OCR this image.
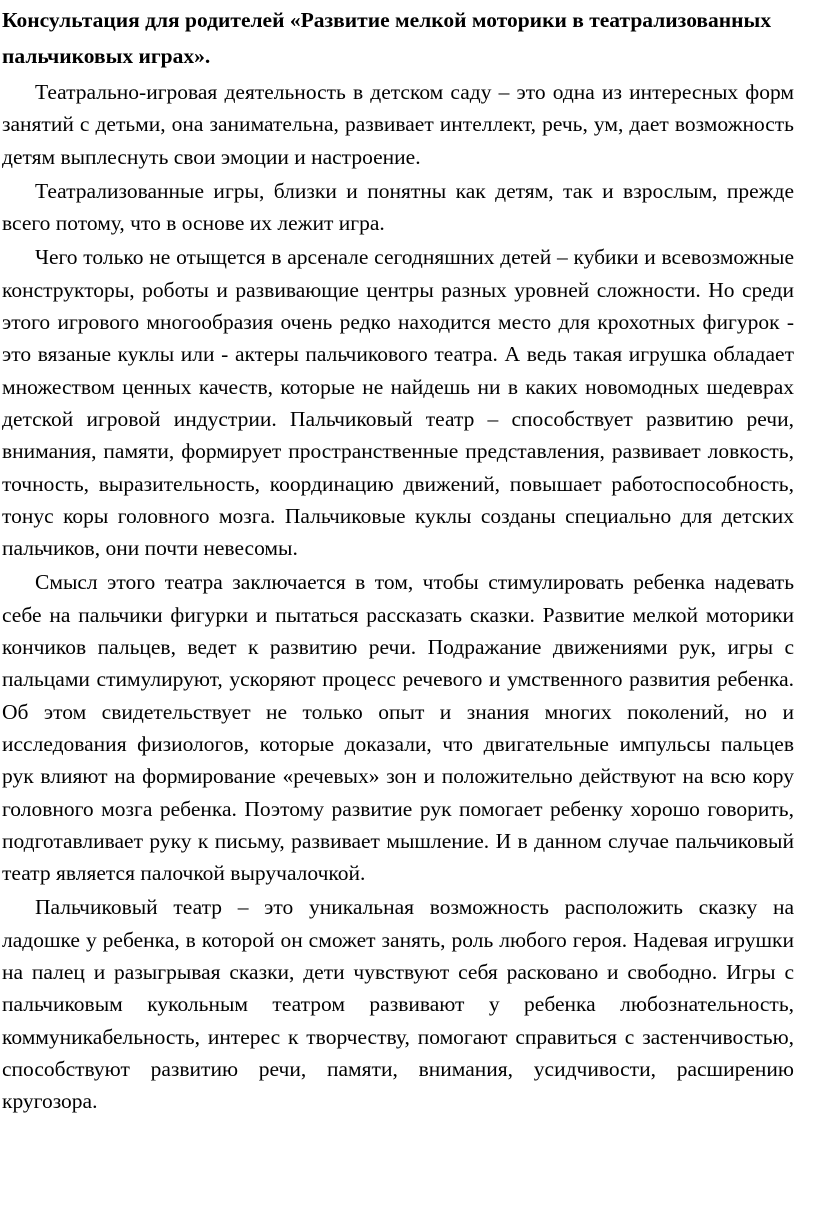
Консультация для родителей «Развитие мелкой моторики в театрализованных пальчиковых играх».

Театрально-игровая деятельность в детском саду – это одна из интересных форм занятий с детьми, она занимательна, развивает интеллект, речь, ум, дает возможность детям выплеснуть свои эмоции и настроение.

Театрализованные игры, близки и понятны как детям, так и взрослым, прежде всего потому, что в основе их лежит игра.

Чего только не отыщется в арсенале сегодняшних детей – кубики и всевозможные конструкторы, роботы и развивающие центры разных уровней сложности. Но среди этого игрового многообразия очень редко находится место для крохотных фигурок - это вязаные куклы или - актеры пальчикового театра. А ведь такая игрушка обладает множеством ценных качеств, которые не найдешь ни в каких новомодных шедеврах детской игровой индустрии. Пальчиковый театр – способствует развитию речи, внимания, памяти, формирует пространственные представления, развивает ловкость, точность, выразительность, координацию движений, повышает работоспособность, тонус коры головного мозга. Пальчиковые куклы созданы специально для детских пальчиков, они почти невесомы.

Смысл этого театра заключается в том, чтобы стимулировать ребенка надевать себе на пальчики фигурки и пытаться рассказать сказки. Развитие мелкой моторики кончиков пальцев, ведет к развитию речи. Подражание движениями рук, игры с пальцами стимулируют, ускоряют процесс речевого и умственного развития ребенка. Об этом свидетельствует не только опыт и знания многих поколений, но и исследования физиологов, которые доказали, что двигательные импульсы пальцев рук влияют на формирование «речевых» зон и положительно действуют на всю кору головного мозга ребенка. Поэтому развитие рук помогает ребенку хорошо говорить, подготавливает руку к письму, развивает мышление. И в данном случае пальчиковый театр является палочкой выручалочкой.

Пальчиковый театр – это уникальная возможность расположить сказку на ладошке у ребенка, в которой он сможет занять, роль любого героя. Надевая игрушки на палец и разыгрывая сказки, дети чувствуют себя расковано и свободно. Игры с пальчиковым кукольным театром развивают у ребенка любознательность, коммуникабельность, интерес к творчеству, помогают справиться с застенчивостью, способствуют развитию речи, памяти, внимания, усидчивости, расширению кругозора.
